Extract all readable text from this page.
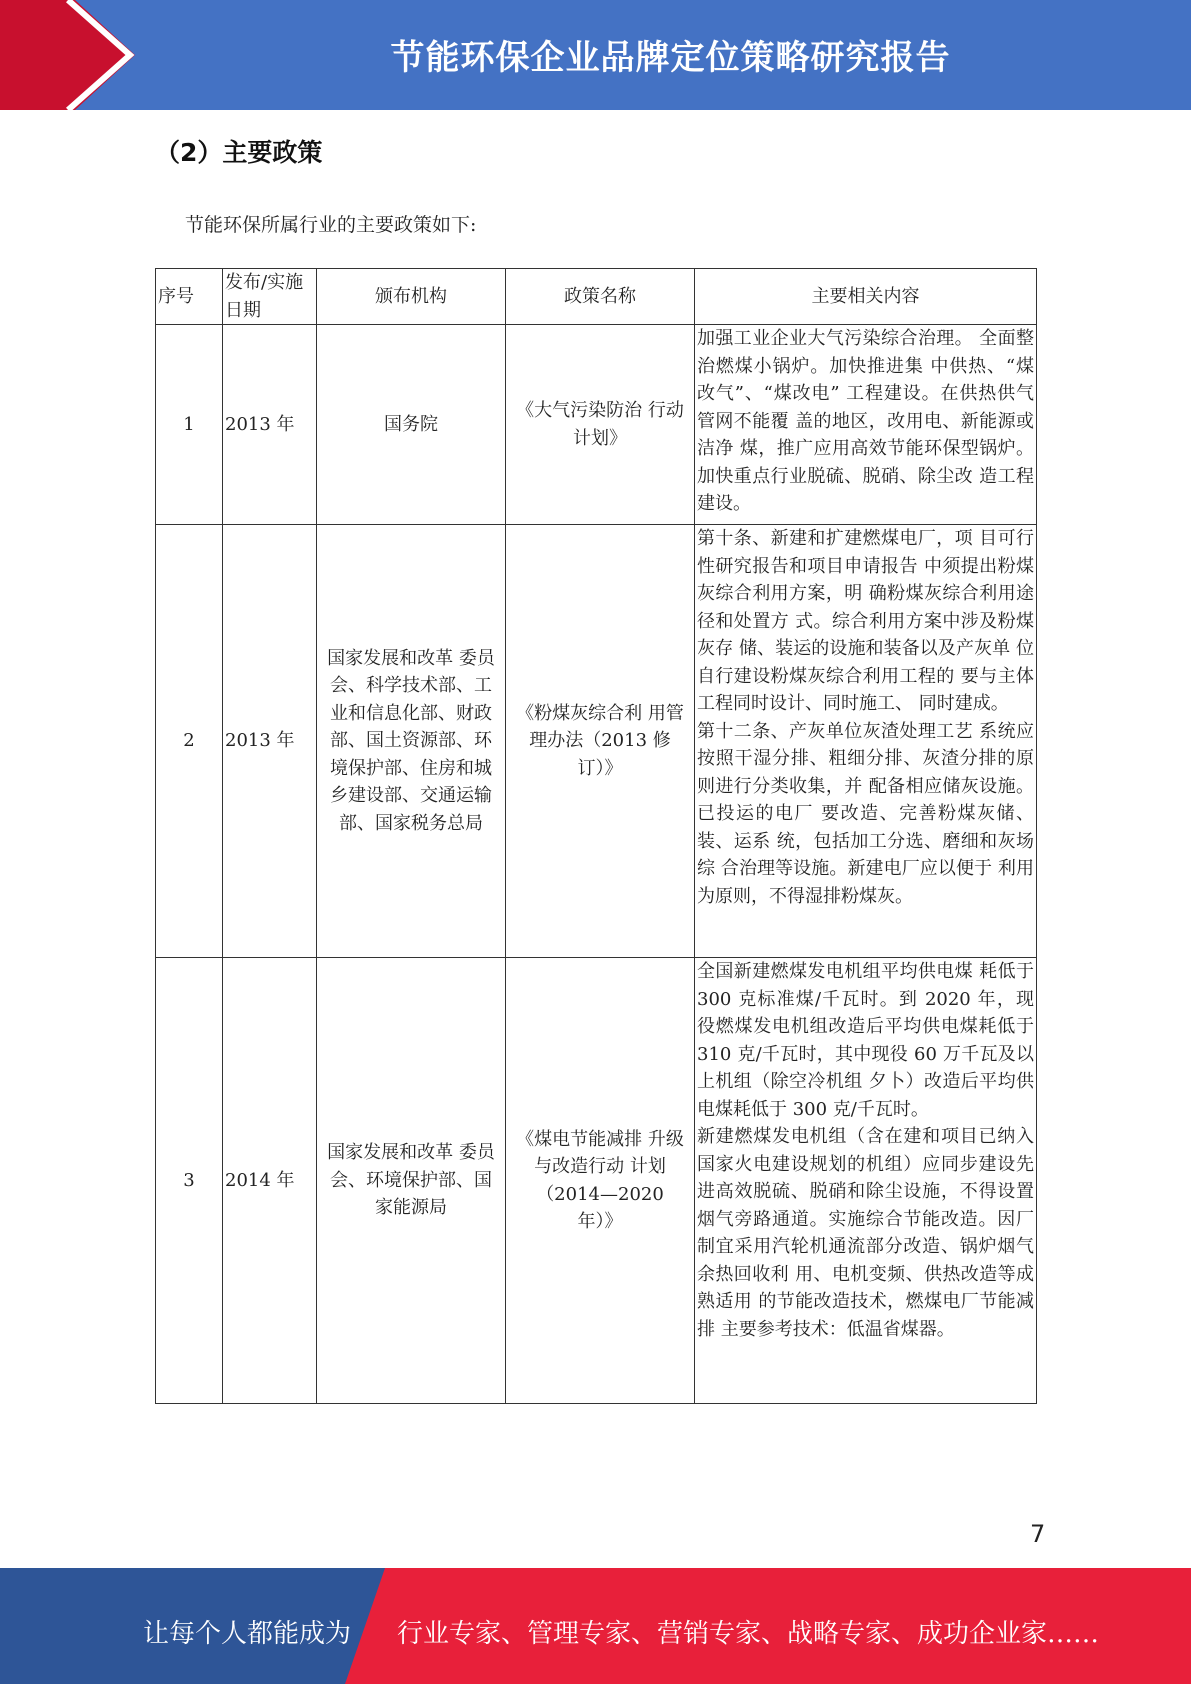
节能环保企业品牌定位策略研究报告
（2）主要政策
节能环保所属行业的主要政策如下:
序号	发布/实施日期	颁布机构	政策名称	主要相关内容
1	2013 年	国务院	《大气污染防治 行动计划》	加强工业企业大气污染综合治理。 全面整治燃煤小锅炉。加快推进集 中供热、“煤改气”、“煤改电” 工程建设。在供热供气管网不能覆 盖的地区，改用电、新能源或洁净 煤，推广应用高效节能环保型锅炉。 加快重点行业脱硫、脱硝、除尘改 造工程建设。

2	2013 年	国家发展和改革 委员会、科学技术部、工业和信息化部、财政部、国土资源部、环境保护部、住房和城乡建设部、交通运输部、国家税务总局	《粉煤灰综合利 用管理办法（2013 修订）》	第十条、新建和扩建燃煤电厂，项 目可行性研究报告和项目申请报告 中须提出粉煤灰综合利用方案，明 确粉煤灰综合利用途径和处置方 式。综合利用方案中涉及粉煤灰存 储、装运的设施和装备以及产灰单 位自行建设粉煤灰综合利用工程的 要与主体工程同时设计、同时施工、 同时建成。
第十二条、产灰单位灰渣处理工艺 系统应按照干湿分排、粗细分排、灰渣分排的原则进行分类收集，并 配备相应储灰设施。已投运的电厂 要改造、完善粉煤灰储、装、运系 统，包括加工分选、磨细和灰场综 合治理等设施。新建电厂应以便于 利用为原则，不得湿排粉煤灰。

3	2014 年	国家发展和改革 委员会、环境保护部、国家能源局	《煤电节能减排 升级与改造行动 计划（2014—2020 年）》	全国新建燃煤发电机组平均供电煤 耗低于 300 克标准煤/千瓦时。到 2020 年，现役燃煤发电机组改造后平均供电煤耗低于 310 克/千瓦时，其中现役 60 万千瓦及以上机组（除空冷机组 夕卜）改造后平均供电煤耗低于 300 克/千瓦时。
新建燃煤发电机组（含在建和项目已纳入国家火电建设规划的机组）应同步建设先进高效脱硫、脱硝和除尘设施，不得设置烟气旁路通道。实施综合节能改造。因厂制宜采用汽轮机通流部分改造、锅炉烟气余热回收利 用、电机变频、供热改造等成熟适用 的节能改造技术，燃煤电厂节能减排 主要参考技术：低温省煤器。
7
让每个人都能成为 行业专家、管理专家、营销专家、战略专家、成功企业家……
